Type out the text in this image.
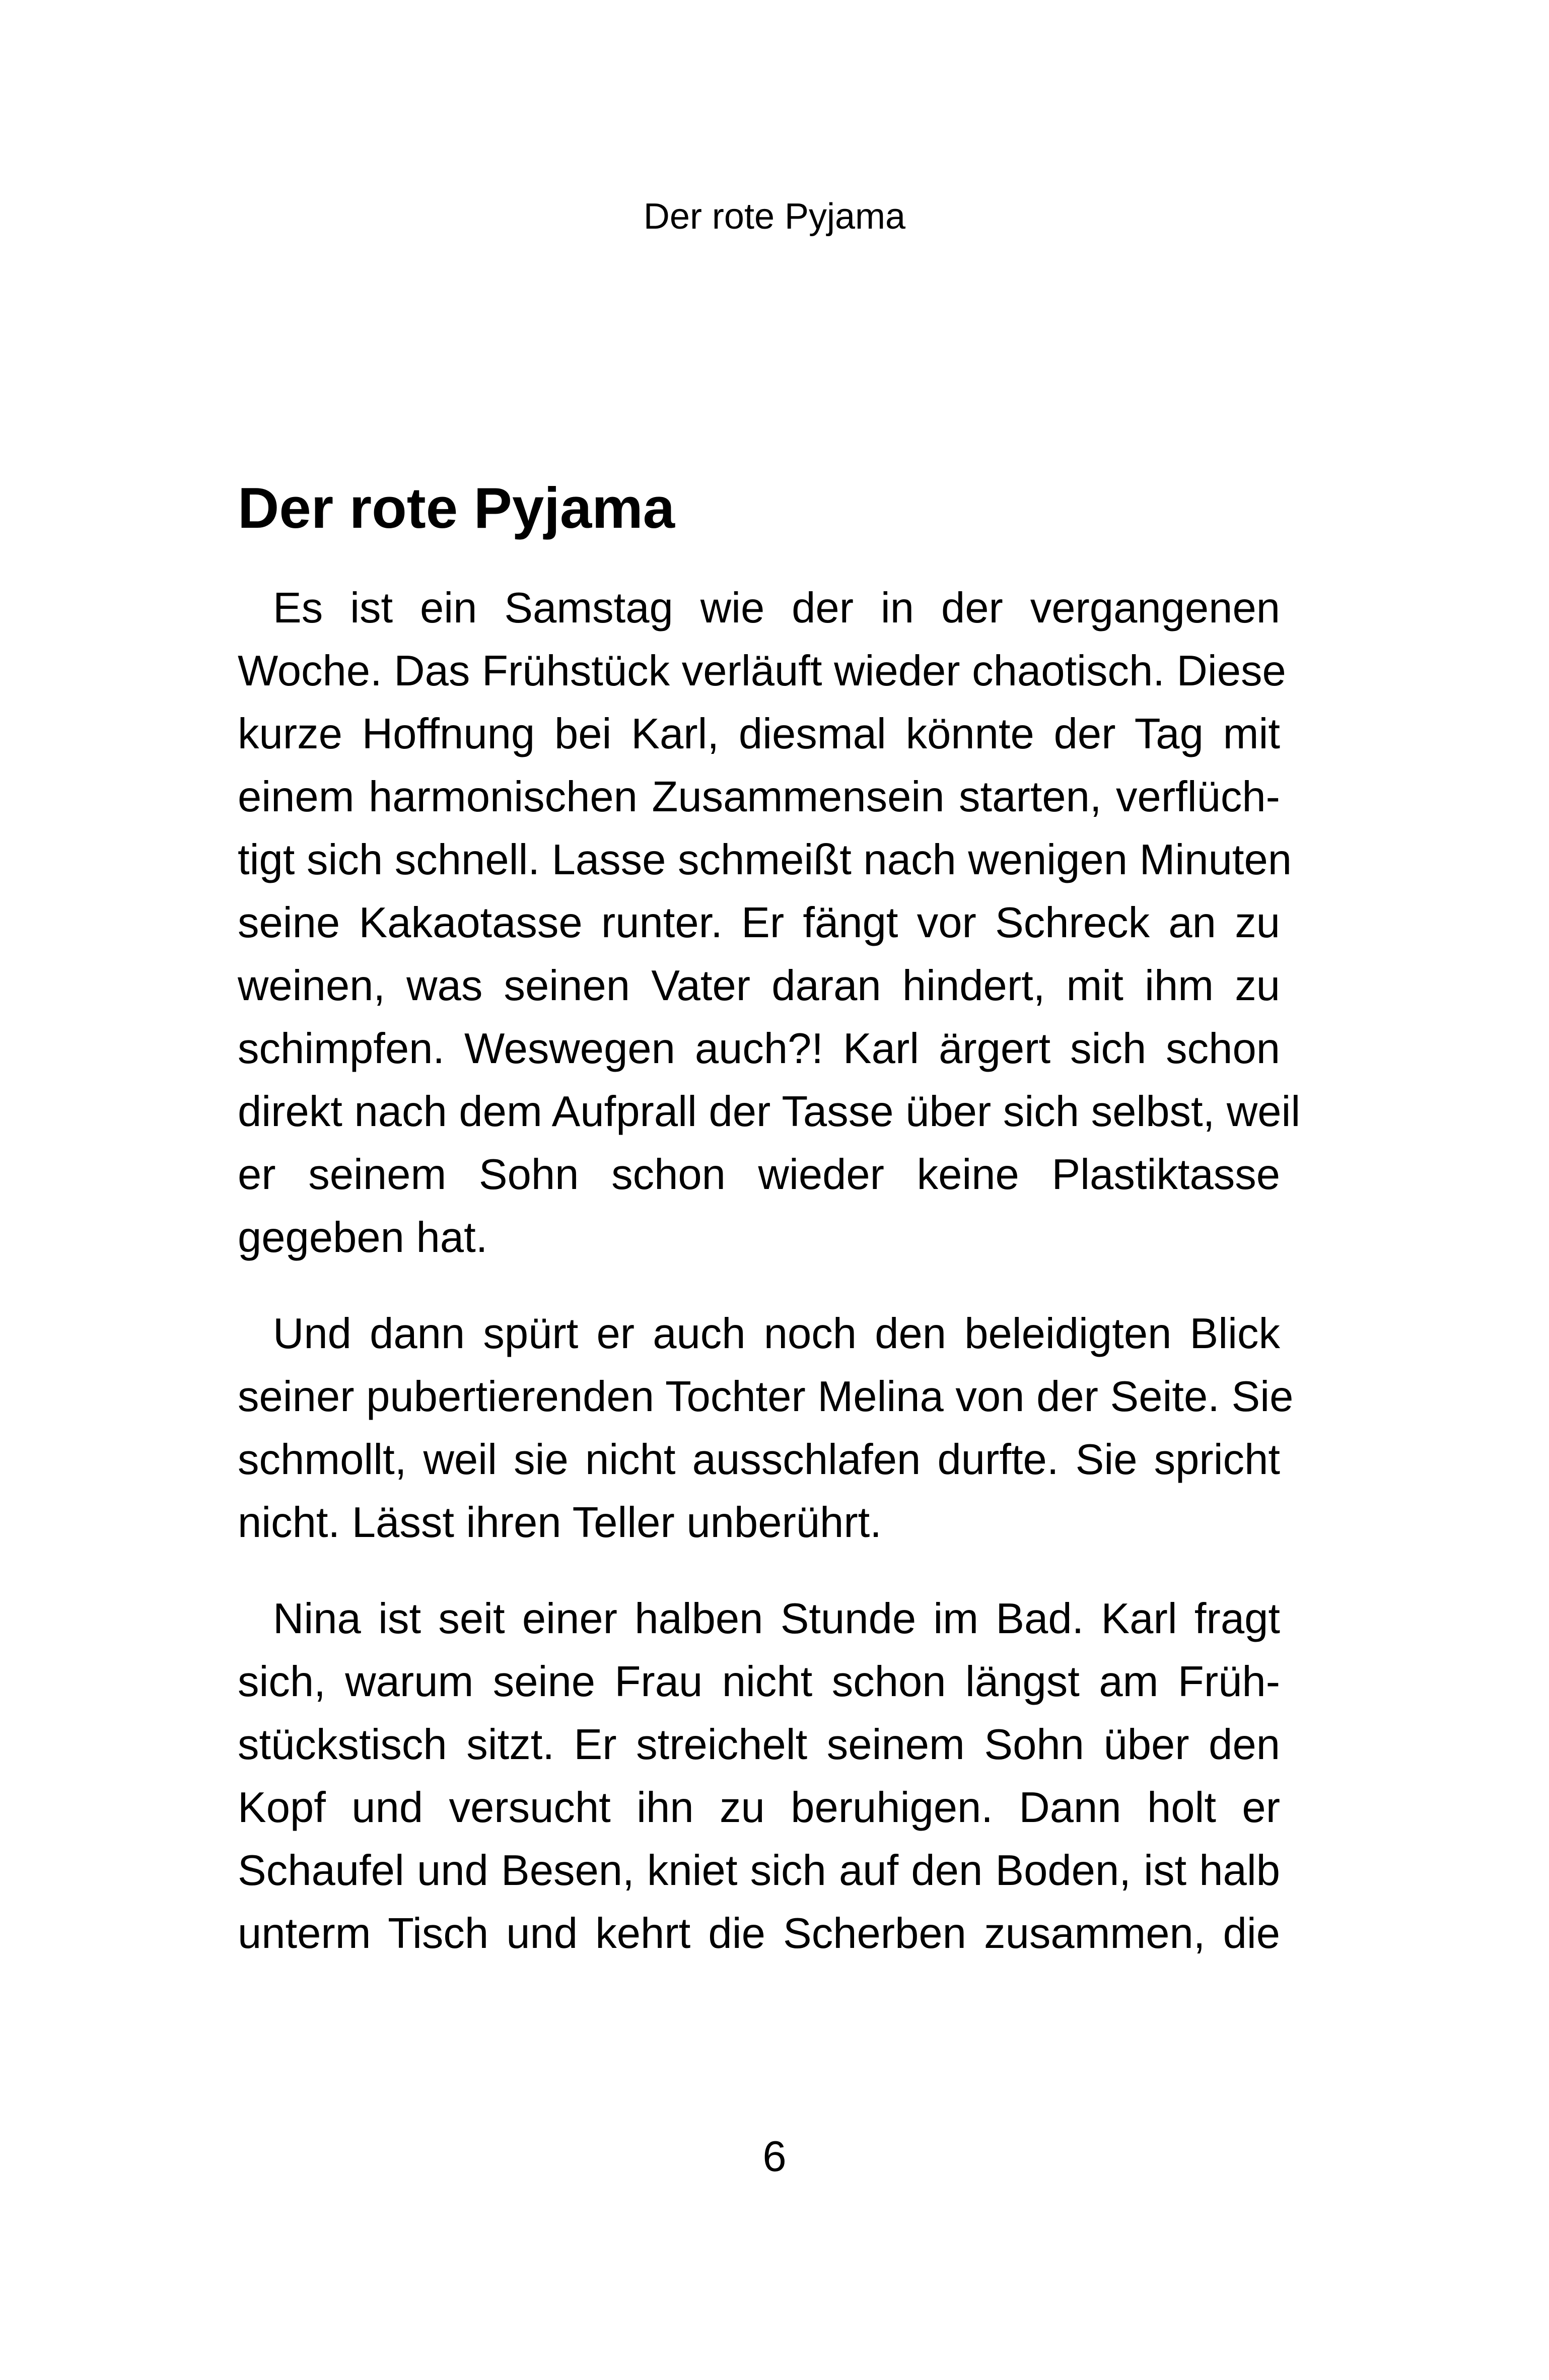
Der rote Pyjama
Der rote Pyjama

Es ist ein Samstag wie der in der vergangenen
Woche. Das Frühstück verläuft wieder chaotisch. Diese
kurze Hoffnung bei Karl, diesmal könnte der Tag mit
einem harmonischen Zusammensein starten, verflüch-
tigt sich schnell. Lasse schmeißt nach wenigen Minuten
seine Kakaotasse runter. Er fängt vor Schreck an zu
weinen, was seinen Vater daran hindert, mit ihm zu
schimpfen. Weswegen auch?! Karl ärgert sich schon
direkt nach dem Aufprall der Tasse über sich selbst, weil
er seinem Sohn schon wieder keine Plastiktasse
gegeben hat.

Und dann spürt er auch noch den beleidigten Blick
seiner pubertierenden Tochter Melina von der Seite. Sie
schmollt, weil sie nicht ausschlafen durfte. Sie spricht
nicht. Lässt ihren Teller unberührt.

Nina ist seit einer halben Stunde im Bad. Karl fragt
sich, warum seine Frau nicht schon längst am Früh-
stückstisch sitzt. Er streichelt seinem Sohn über den
Kopf und versucht ihn zu beruhigen. Dann holt er
Schaufel und Besen, kniet sich auf den Boden, ist halb
unterm Tisch und kehrt die Scherben zusammen, die

6
